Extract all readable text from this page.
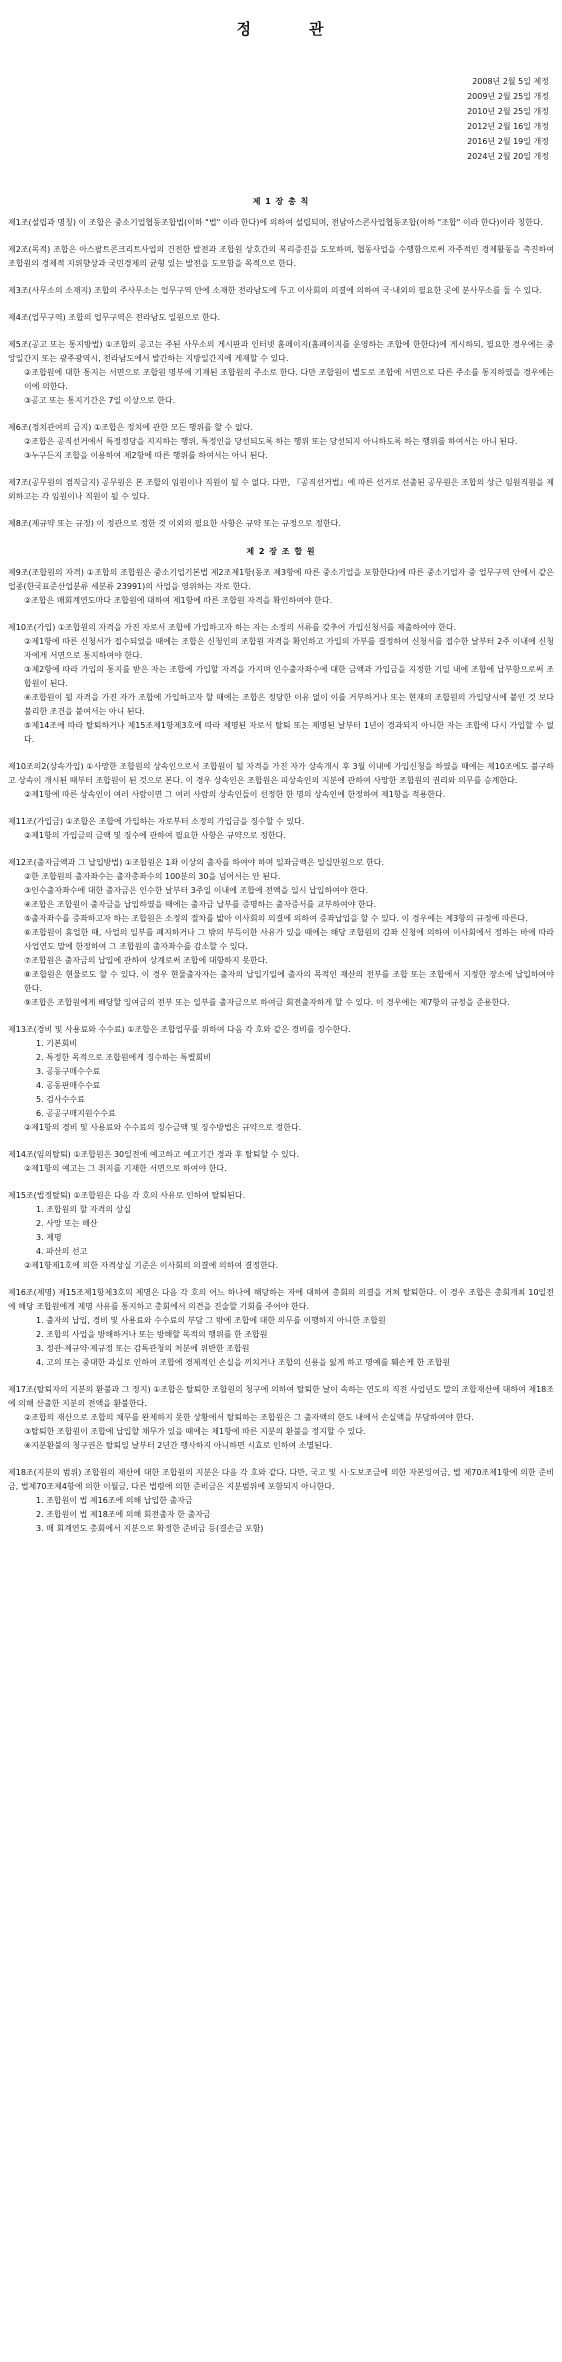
정	관
2008년 2월 5일 제정
2009년 2월 25일 개정
2010년 2월 25일 개정
2012년 2월 16일 개정
2016년 2월 19일 개정
2024년 2월 20일 개정
제 1 장 총 칙

제1조(설립과 명칭) 이 조합은 중소기업협동조합법(이하 "법" 이라 한다)에 의하여 설립되며, 전남아스콘사업협동조합(이하 "조합" 이라 한다)이라 칭한다.

제2조(목적) 조합은 아스팔트콘크리트사업의 건전한 발전과 조합원 상호간의 복리증진을 도모하며, 협동사업을 수행함으로써 자주적인 경제활동을 촉진하여 조합원의 경제적 지위향상과 국민경제의 균형 있는 발전을 도모함을 목적으로 한다.

제3조(사무소의 소재지) 조합의 주사무소는 업무구역 안에 소재한 전라남도에 두고 이사회의 의결에 의하여 국·내외의 필요한 곳에 분사무소를 둘 수 있다.

제4조(업무구역) 조합의 업무구역은 전라남도 일원으로 한다.

제5조(공고 또는 통지방법) ①조합의 공고는 주된 사무소의 게시판과 인터넷 홈페이지(홈페이지를 운영하는 조합에 한한다)에 게시하되, 필요한 경우에는 중앙일간지 또는 광주광역시, 전라남도에서 발간하는 지방일간지에 게재할 수 있다.

②조합원에 대한 통지는 서면으로 조합원 명부에 기재된 조합원의 주소로 한다. 다만 조합원이 별도로 조합에 서면으로 다른 주소를 통지하였을 경우에는 이에 의한다.

③공고 또는 통지기간은 7일 이상으로 한다.

제6조(정치관여의 금지) ①조합은 정치에 관한 모든 행위를 할 수 없다.

②조합은 공직선거에서 특정정당을 지지하는 행위, 특정인을 당선되도록 하는 행위 또는 당선되지 아니하도록 하는 행위를 하여서는 아니 된다.

③누구든지 조합을 이용하여 제2항에 따른 행위를 하여서는 아니 된다.

제7조(공무원의 겸직금지) 공무원은 본 조합의 임원이나 직원이 될 수 없다. 다만, 『공직선거법』에 따른 선거로 선출된 공무원은 조합의 상근 임원직원을 제외하고는 각 임원이나 직원이 될 수 있다.

제8조(제규약 또는 규정) 이 정관으로 정한 것 이외의 필요한 사항은 규약 또는 규정으로 정한다.

제 2 장 조 합 원

제9조(조합원의 자격) ①조합의 조합원은 중소기업기본법 제2조제1항(동조 제3항에 따른 중소기업을 포함한다)에 따른 중소기업자 중 업무구역 안에서 같은 업종(한국표준산업분류 세분류 23991)의 사업을 영위하는 자로 한다.

②조합은 매회계연도마다 조합원에 대하여 제1항에 따른 조합원 자격을 확인하여야 한다.

제10조(가입) ①조합원의 자격을 가진 자로서 조합에 가입하고자 하는 자는 소정의 서류를 갖추어 가입신청서를 제출하여야 한다.

②제1항에 따른 신청서가 접수되었을 때에는 조합은 신청인의 조합원 자격을 확인하고 가입의 가부를 결정하여 신청서를 접수한 날부터 2주 이내에 신청자에게 서면으로 통지하여야 한다.

③제2항에 따라 가입의 통지를 받은 자는 조합에 가입할 자격을 가지며 인수출자좌수에 대한 금액과 가입금을 지정한 기일 내에 조합에 납부함으로써 조합원이 된다.

④조합원이 될 자격을 가진 자가 조합에 가입하고자 할 때에는 조합은 정당한 이유 없이 이를 거부하거나 또는 현재의 조합원의 가입당시에 붙인 것 보다 불리한 조건을 붙여서는 아니 된다.

⑤제14조에 따라 탈퇴하거나 제15조제1항제3호에 따라 제명된 자로서 탈퇴 또는 제명된 날부터 1년이 경과되지 아니한 자는 조합에 다시 가입할 수 없다.

제10조의2(상속가입) ①사망한 조합원의 상속인으로서 조합원이 될 자격을 가진 자가 상속개시 후 3월 이내에 가입신청을 하였을 때에는 제10조에도 불구하고 상속이 개시된 때부터 조합원이 된 것으로 본다. 이 경우 상속인은 조합원은 피상속인의 지분에 관하여 사망한 조합원의 권리와 의무를 승계한다.

②제1항에 따른 상속인이 여러 사람이면 그 여러 사람의 상속인들이 선정한 한 명의 상속인에 한정하여 제1항을 적용한다.

제11조(가입금) ①조합은 조합에 가입하는 자로부터 소정의 가입금을 징수할 수 있다.

②제1항의 가입금의 금액 및 징수에 관하여 필요한 사항은 규약으로 정한다.

제12조(출자금액과 그 납입방법) ①조합원은 1좌 이상의 출자를 하여야 하며 일좌금액은 일십만원으로 한다.

②한 조합원의 출자좌수는 출자총좌수의 100분의 30을 넘어서는 안 된다.

③인수출자좌수에 대한 출자금은 인수한 날부터 3주일 이내에 조합에 전액을 일시 납입하여야 한다.

④조합은 조합원이 출자금을 납입하였을 때에는 출자금 납부를 증명하는 출자증서를 교부하여야 한다.

⑤출자좌수를 증좌하고자 하는 조합원은 소정의 절차를 밟아 이사회의 의결에 의하여 증좌납입을 할 수 있다. 이 경우에는 제3항의 규정에 따른다.

⑥조합원이 휴업한 때, 사업의 일부를 폐지하거나 그 밖의 부득이한 사유가 있을 때에는 해당 조합원의 감좌 신청에 의하여 이사회에서 정하는 바에 따라 사업연도 말에 한정하여 그 조합원의 출자좌수를 감소할 수 있다.

⑦조합원은 출자금의 납입에 관하여 상계로써 조합에 대항하지 못한다.

⑧조합원은 현물로도 할 수 있다. 이 경우 현물출자자는 출자의 납입기일에 출자의 목적인 재산의 전부를 조합 또는 조합에서 지정한 장소에 납입하여야 한다.

⑨조합은 조합원에게 배당할 잉여금의 전부 또는 일부를 출자금으로 하여금 회전출자하게 할 수 있다. 이 경우에는 제7항의 규정을 준용한다.

제13조(경비 및 사용료와 수수료) ①조합은 조합업무를 위하여 다음 각 호와 같은 경비를 징수한다.

1. 기본회비

2. 특정한 목적으로 조합원에게 징수하는 특별회비

3. 공동구매수수료

4. 공동판매수수료

5. 검사수수료

6. 공공구매지원수수료

②제1항의 경비 및 사용료와 수수료의 징수금액 및 징수방법은 규약으로 정한다.

제14조(임의탈퇴) ①조합원은 30일전에 예고하고 예고기간 경과 후 탈퇴할 수 있다.

②제1항의 예고는 그 취지를 기재한 서면으로 하여야 한다.

제15조(법정탈퇴) ①조합원은 다음 각 호의 사유로 인하여 탈퇴된다.

1. 조합원의 할 자격의 상실

2. 사망 또는 해산

3. 제명

4. 파산의 선고

②제1항제1호에 의한 자격상실 기준은 이사회의 의결에 의하여 결정한다.

제16조(제명) 제15조제1항제3호의 제명은 다음 각 호의 어느 하나에 해당하는 자에 대하여 총회의 의결을 거쳐 탈퇴한다. 이 경우 조합은 총회개최 10일전에 해당 조합원에게 제명 사유를 통지하고 총회에서 의견을 진술할 기회를 주어야 한다.

1. 출자의 납입, 경비 및 사용료와 수수료의 부담 그 밖에 조합에 대한 의무를 이행하지 아니한 조합원

2. 조합의 사업을 방해하거나 또는 방해할 목적의 행위를 한 조합원

3. 정관·제규약·제규정 또는 감독관청의 처분에 위반한 조합원

4. 고의 또는 중대한 과실로 인하여 조합에 경제적인 손실을 끼치거나 조합의 신용을 잃게 하고 명예를 훼손케 한 조합원

제17조(탈퇴자의 지분의 환불과 그 정지) ①조합은 탈퇴한 조합원의 청구에 의하여 탈퇴한 날이 속하는 연도의 직전 사업년도 말의 조합재산에 대하여 제18조에 의해 산출한 지분의 전액을 환불한다.

②조합의 재산으로 조합의 채무를 완제하지 못한 상황에서 탈퇴하는 조합원은 그 출자액의 한도 내에서 손실액을 부담하여야 한다.

③탈퇴한 조합원이 조합에 납입할 채무가 있을 때에는 제1항에 따른 지분의 환불을 정지할 수 있다.

④지분환불의 청구권은 탈퇴일 날부터 2년간 행사하지 아니하면 시효로 인하여 소멸된다.

제18조(지분의 범위) 조합원의 재산에 대한 조합원의 지분은 다음 각 호와 같다. 다만, 국고 및 시·도보조금에 의한 자본잉여금, 법 제70조제1항에 의한 준비금, 법제70조제4항에 의한 이월금, 다른 법령에 의한 준비금은 지분범위에 포함되지 아니한다.

1. 조합원이 법 제16조에 의해 납입한 출자금

2. 조합원이 법 제18조에 의해 회전출자 한 출자금

3. 매 회계연도 총회에서 지분으로 확정한 준비금 등(결손금 포함)
